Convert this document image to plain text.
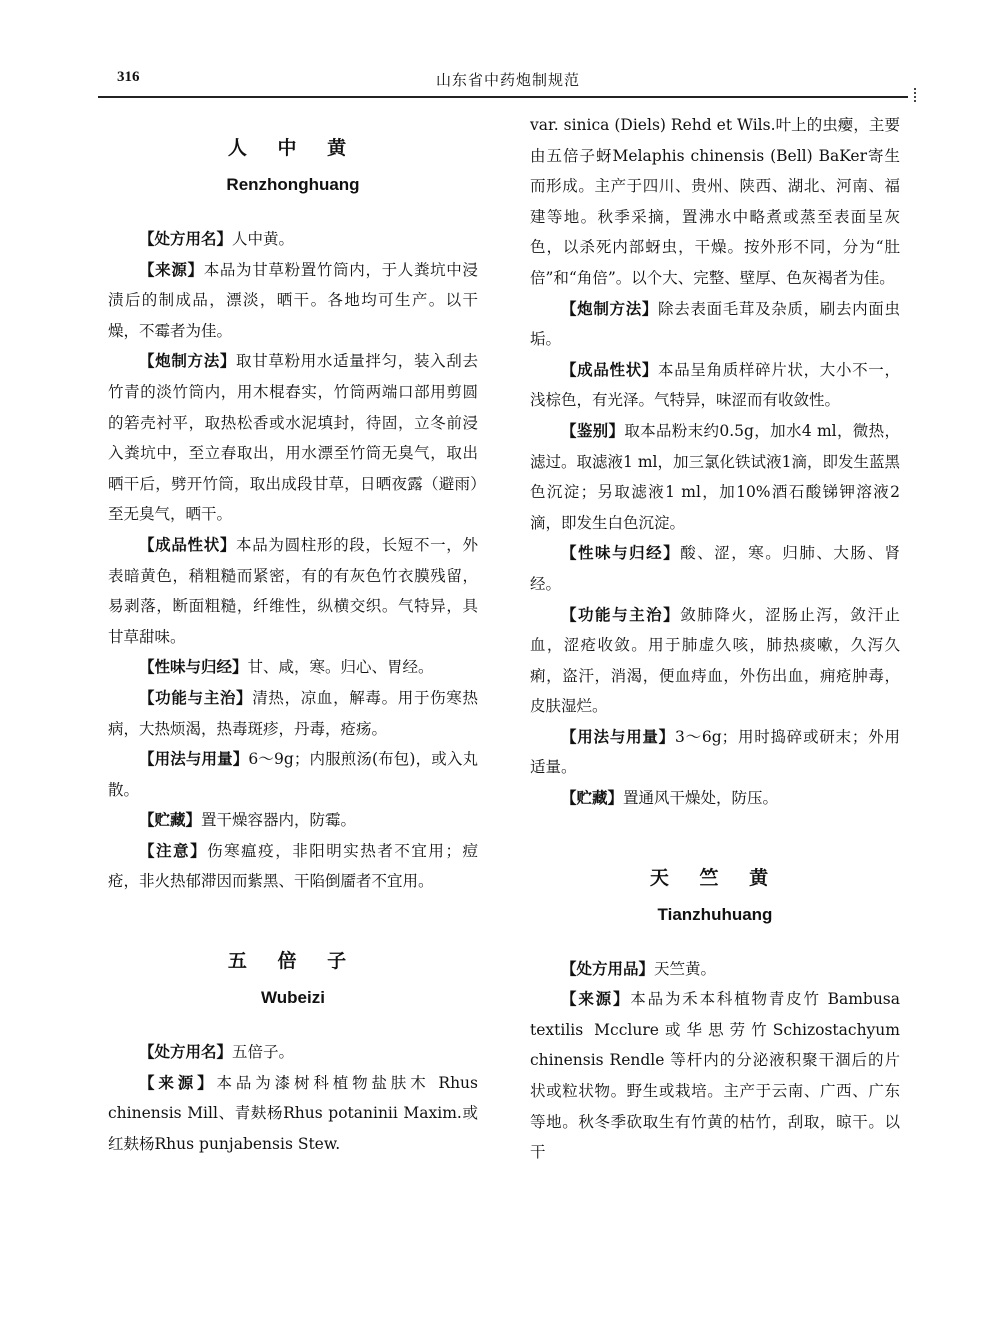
316	山东省中药炮制规范
人 中 黄
Renzhonghuang

【处方用名】人中黄。

【来源】本品为甘草粉置竹筒内，于人粪坑中浸渍后的制成品，漂淡，晒干。各地均可生产。以干燥，不霉者为佳。

【炮制方法】取甘草粉用水适量拌匀，装入刮去竹青的淡竹筒内，用木棍舂实，竹筒两端口部用剪圆的箬壳衬平，取热松香或水泥填封，待固，立冬前浸入粪坑中，至立春取出，用水漂至竹筒无臭气，取出晒干后，劈开竹筒，取出成段甘草，日晒夜露（避雨）至无臭气，晒干。

【成品性状】本品为圆柱形的段，长短不一，外表暗黄色，稍粗糙而紧密，有的有灰色竹衣膜残留，易剥落，断面粗糙，纤维性，纵横交织。气特异，具甘草甜味。

【性味与归经】甘、咸，寒。归心、胃经。

【功能与主治】清热，凉血，解毒。用于伤寒热病，大热烦渴，热毒斑疹，丹毒，疮疡。

【用法与用量】6～9g；内服煎汤(布包)，或入丸散。

【贮藏】置干燥容器内，防霉。

【注意】伤寒瘟疫，非阳明实热者不宜用；痘疮，非火热郁滞因而紫黑、干陷倒靥者不宜用。

五 倍 子
Wubeizi

【处方用名】五倍子。

【来源】本品为漆树科植物盐肤木 Rhus chinensis Mill、青麸杨Rhus potaninii Maxim.或红麸杨Rhus punjabensis Stew.

var. sinica (Diels) Rehd et Wils.叶上的虫瘿，主要由五倍子蚜Melaphis chinensis (Bell) BaKer寄生而形成。主产于四川、贵州、陕西、湖北、河南、福建等地。秋季采摘，置沸水中略煮或蒸至表面呈灰色，以杀死内部蚜虫，干燥。按外形不同，分为“肚倍”和“角倍”。以个大、完整、壁厚、色灰褐者为佳。

【炮制方法】除去表面毛茸及杂质，刷去内面虫垢。

【成品性状】本品呈角质样碎片状，大小不一，浅棕色，有光泽。气特异，味涩而有收敛性。

【鉴别】取本品粉末约0.5g，加水4 ml，微热，滤过。取滤液1 ml，加三氯化铁试液1滴，即发生蓝黑色沉淀；另取滤液1 ml，加10%酒石酸锑钾溶液2滴，即发生白色沉淀。

【性味与归经】酸、涩，寒。归肺、大肠、肾经。

【功能与主治】敛肺降火，涩肠止泻，敛汗止血，涩疮收敛。用于肺虚久咳，肺热痰嗽，久泻久痢，盗汗，消渴，便血痔血，外伤出血，痈疮肿毒，皮肤湿烂。

【用法与用量】3～6g；用时捣碎或研末；外用适量。

【贮藏】置通风干燥处，防压。

天 竺 黄
Tianzhuhuang

【处方用品】天竺黄。

【来源】本品为禾本科植物青皮竹 Bambusa textilis Mcclure或华思劳竹Schizostachyum chinensis Rendle 等杆内的分泌液积聚干涸后的片状或粒状物。野生或栽培。主产于云南、广西、广东等地。秋冬季砍取生有竹黄的枯竹，刮取，晾干。以干
